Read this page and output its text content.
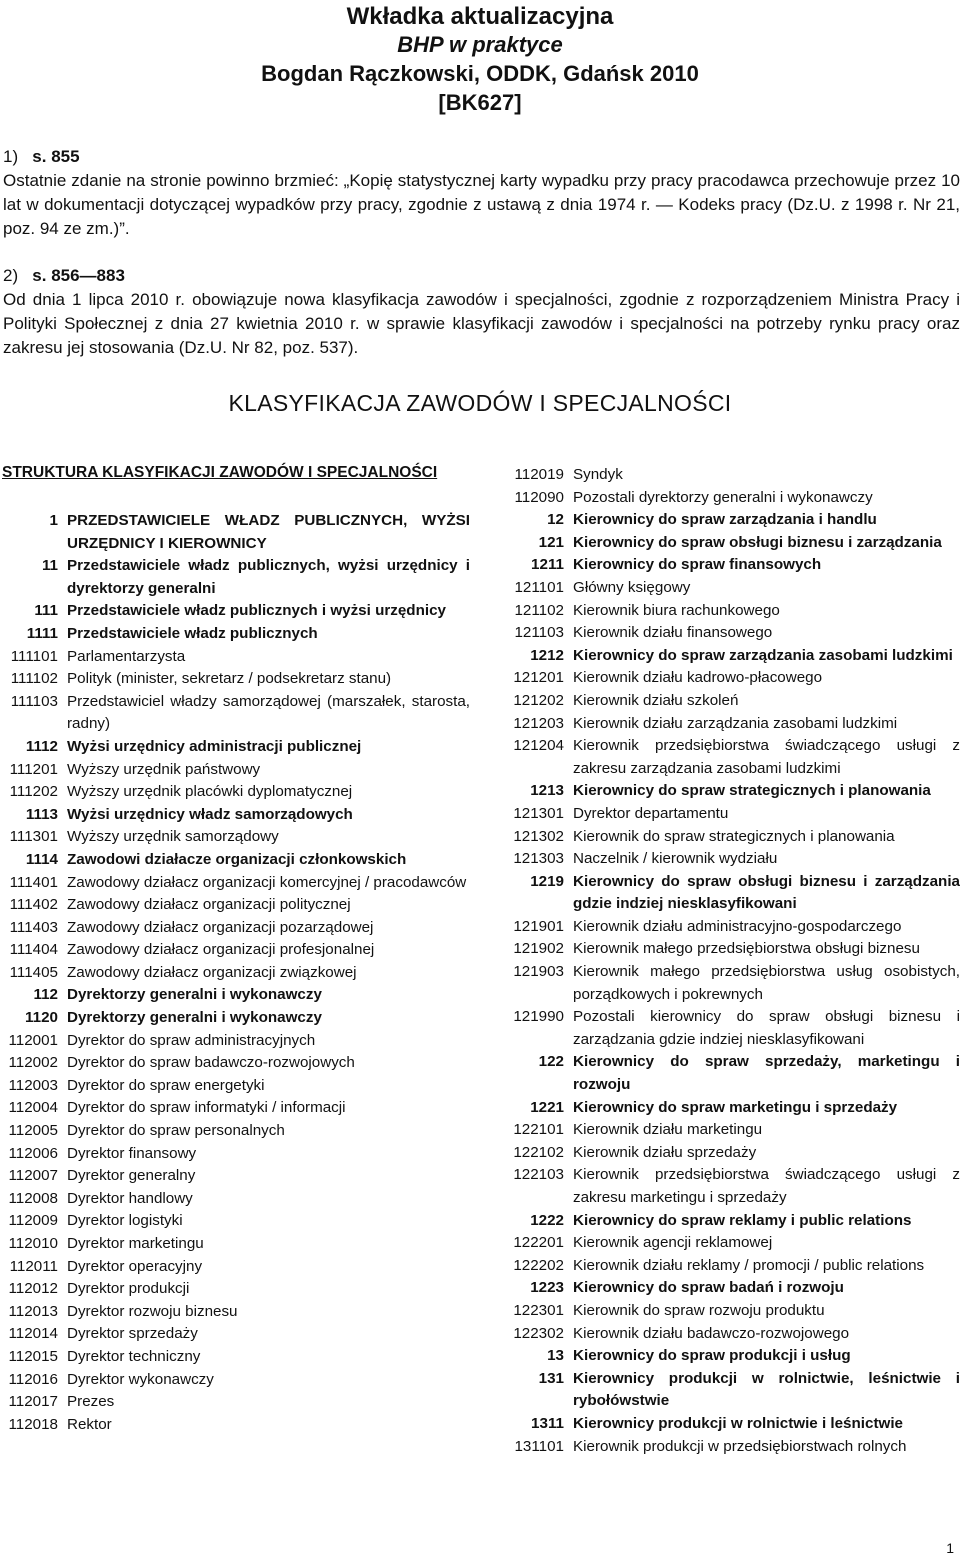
Wkładka aktualizacyjna
BHP w praktyce
Bogdan Rączkowski, ODDK, Gdańsk 2010
[BK627]
1) s. 855
Ostatnie zdanie na stronie powinno brzmieć: „Kopię statystycznej karty wypadku przy pracy pracodawca przechowuje przez 10 lat w dokumentacji dotyczącej wypadków przy pracy, zgodnie z ustawą z dnia 1974 r. — Kodeks pracy (Dz.U. z 1998 r. Nr 21, poz. 94 ze zm.)”.
2) s. 856—883
Od dnia 1 lipca 2010 r. obowiązuje nowa klasyfikacja zawodów i specjalności, zgodnie z rozporządzeniem Ministra Pracy i Polityki Społecznej z dnia 27 kwietnia 2010 r. w sprawie klasyfikacji zawodów i specjalności na potrzeby rynku pracy oraz zakresu jej stosowania (Dz.U. Nr 82, poz. 537).
KLASYFIKACJA ZAWODÓW I SPECJALNOŚCI
STRUKTURA KLASYFIKACJI ZAWODÓW I SPECJALNOŚCI
1 PRZEDSTAWICIELE WŁADZ PUBLICZNYCH, WYŻSI URZĘDNICY I KIEROWNICY
11 Przedstawiciele władz publicznych, wyżsi urzędnicy i dyrektorzy generalni
111 Przedstawiciele władz publicznych i wyżsi urzędnicy
1111 Przedstawiciele władz publicznych
111101 Parlamentarzysta
111102 Polityk (minister, sekretarz / podsekretarz stanu)
111103 Przedstawiciel władzy samorządowej (marszałek, starosta, radny)
1112 Wyżsi urzędnicy administracji publicznej
111201 Wyższy urzędnik państwowy
111202 Wyższy urzędnik placówki dyplomatycznej
1113 Wyżsi urzędnicy władz samorządowych
111301 Wyższy urzędnik samorządowy
1114 Zawodowi działacze organizacji członkowskich
111401 Zawodowy działacz organizacji komercyjnej / pracodawców
111402 Zawodowy działacz organizacji politycznej
111403 Zawodowy działacz organizacji pozarządowej
111404 Zawodowy działacz organizacji profesjonalnej
111405 Zawodowy działacz organizacji związkowej
112 Dyrektorzy generalni i wykonawczy
1120 Dyrektorzy generalni i wykonawczy
112001 Dyrektor do spraw administracyjnych
112002 Dyrektor do spraw badawczo-rozwojowych
112003 Dyrektor do spraw energetyki
112004 Dyrektor do spraw informatyki / informacji
112005 Dyrektor do spraw personalnych
112006 Dyrektor finansowy
112007 Dyrektor generalny
112008 Dyrektor handlowy
112009 Dyrektor logistyki
112010 Dyrektor marketingu
112011 Dyrektor operacyjny
112012 Dyrektor produkcji
112013 Dyrektor rozwoju biznesu
112014 Dyrektor sprzedaży
112015 Dyrektor techniczny
112016 Dyrektor wykonawczy
112017 Prezes
112018 Rektor
112019 Syndyk
112090 Pozostali dyrektorzy generalni i wykonawczy
12 Kierownicy do spraw zarządzania i handlu
121 Kierownicy do spraw obsługi biznesu i zarządzania
1211 Kierownicy do spraw finansowych
121101 Główny księgowy
121102 Kierownik biura rachunkowego
121103 Kierownik działu finansowego
1212 Kierownicy do spraw zarządzania zasobami ludzkimi
121201 Kierownik działu kadrowo-płacowego
121202 Kierownik działu szkoleń
121203 Kierownik działu zarządzania zasobami ludzkimi
121204 Kierownik przedsiębiorstwa świadczącego usługi z zakresu zarządzania zasobami ludzkimi
1213 Kierownicy do spraw strategicznych i planowania
121301 Dyrektor departamentu
121302 Kierownik do spraw strategicznych i planowania
121303 Naczelnik / kierownik wydziału
1219 Kierownicy do spraw obsługi biznesu i zarządzania gdzie indziej niesklasyfikowani
121901 Kierownik działu administracyjno-gospodarczego
121902 Kierownik małego przedsiębiorstwa obsługi biznesu
121903 Kierownik małego przedsiębiorstwa usług osobistych, porządkowych i pokrewnych
121990 Pozostali kierownicy do spraw obsługi biznesu i zarządzania gdzie indziej niesklasyfikowani
122 Kierownicy do spraw sprzedaży, marketingu i rozwoju
1221 Kierownicy do spraw marketingu i sprzedaży
122101 Kierownik działu marketingu
122102 Kierownik działu sprzedaży
122103 Kierownik przedsiębiorstwa świadczącego usługi z zakresu marketingu i sprzedaży
1222 Kierownicy do spraw reklamy i public relations
122201 Kierownik agencji reklamowej
122202 Kierownik działu reklamy / promocji / public relations
1223 Kierownicy do spraw badań i rozwoju
122301 Kierownik do spraw rozwoju produktu
122302 Kierownik działu badawczo-rozwojowego
13 Kierownicy do spraw produkcji i usług
131 Kierownicy produkcji w rolnictwie, leśnictwie i rybołówstwie
1311 Kierownicy produkcji w rolnictwie i leśnictwie
131101 Kierownik produkcji w przedsiębiorstwach rolnych
1
